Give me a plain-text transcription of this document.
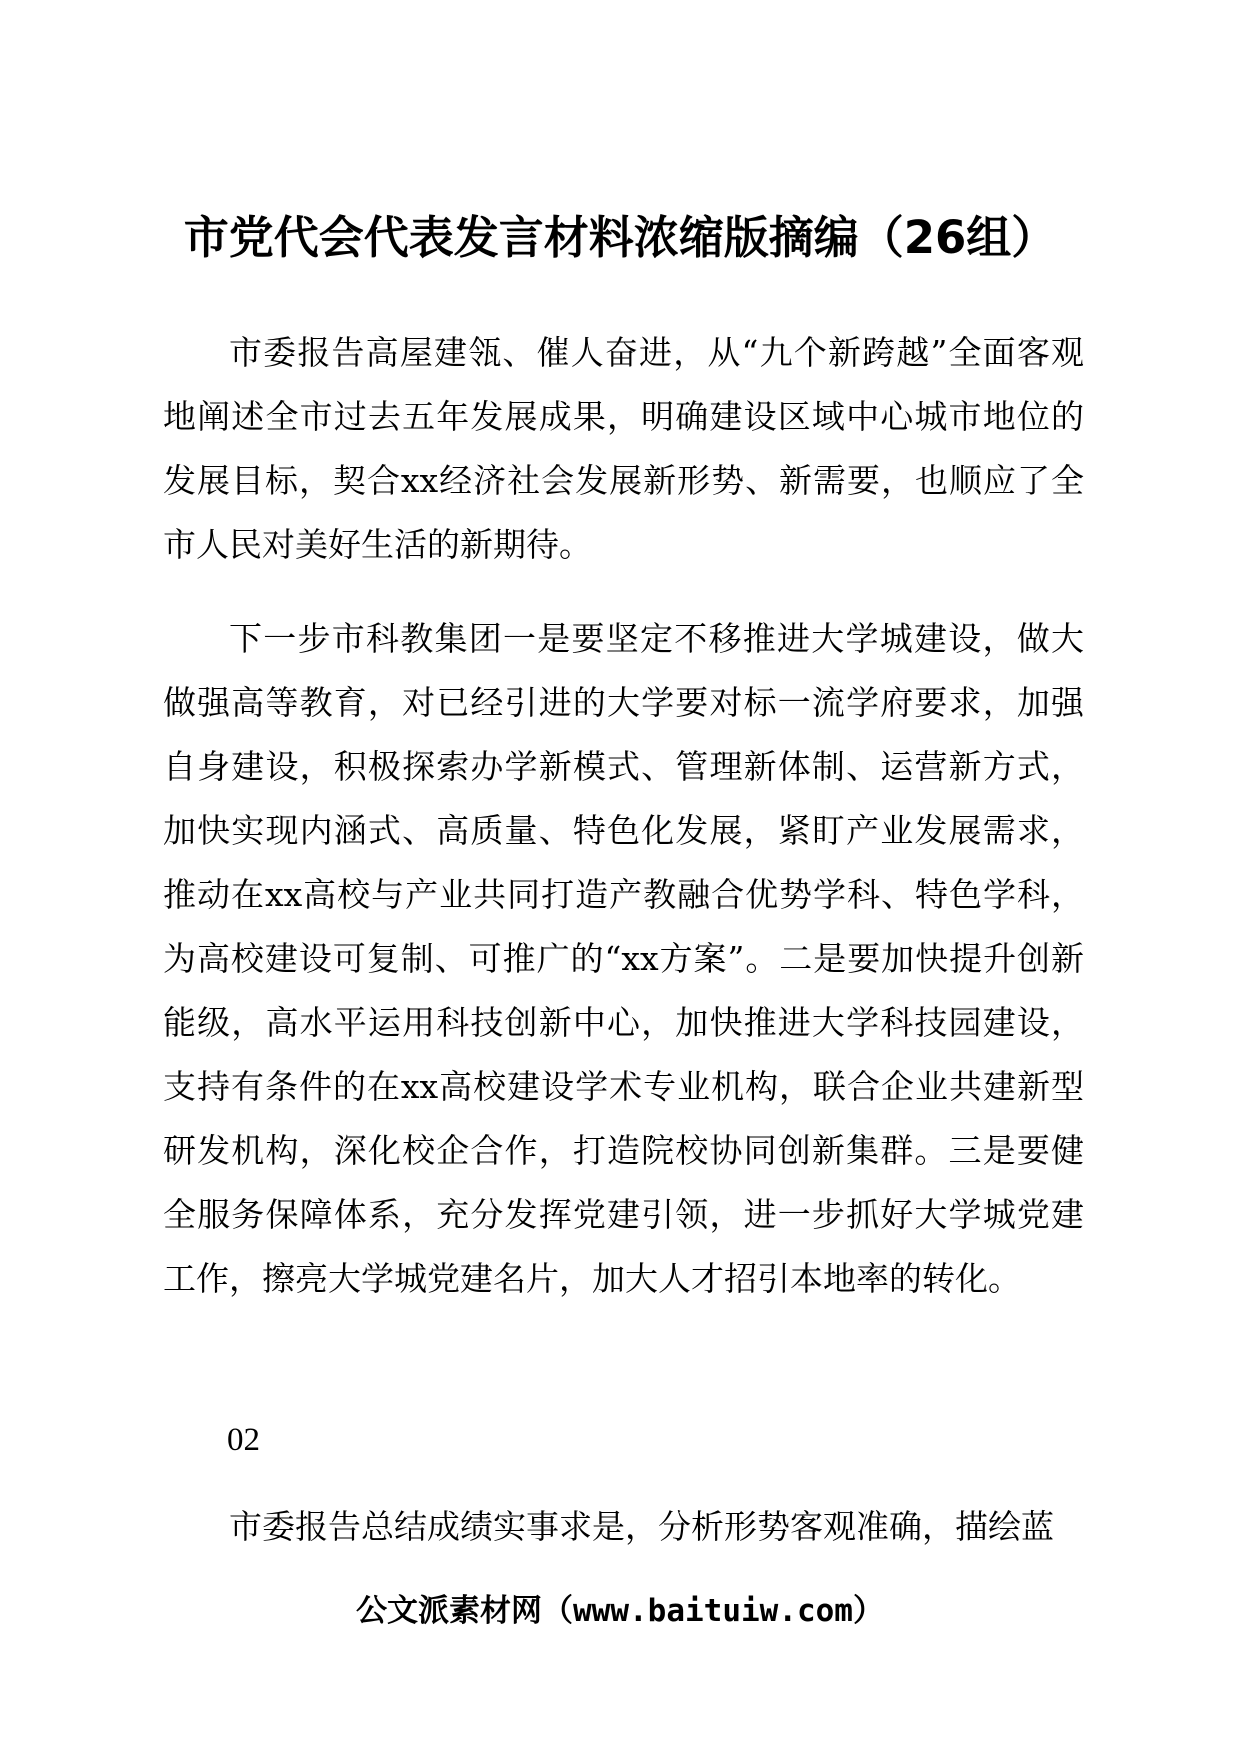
市党代会代表发言材料浓缩版摘编（26组）

市委报告高屋建瓴、催人奋进，从“九个新跨越”全面客观地阐述全市过去五年发展成果，明确建设区域中心城市地位的发展目标，契合xx经济社会发展新形势、新需要，也顺应了全市人民对美好生活的新期待。

下一步市科教集团一是要坚定不移推进大学城建设，做大做强高等教育，对已经引进的大学要对标一流学府要求，加强自身建设，积极探索办学新模式、管理新体制、运营新方式，加快实现内涵式、高质量、特色化发展，紧盯产业发展需求，推动在xx高校与产业共同打造产教融合优势学科、特色学科，为高校建设可复制、可推广的“xx方案”。二是要加快提升创新能级，高水平运用科技创新中心，加快推进大学科技园建设，支持有条件的在xx高校建设学术专业机构，联合企业共建新型研发机构，深化校企合作，打造院校协同创新集群。三是要健全服务保障体系，充分发挥党建引领，进一步抓好大学城党建工作，擦亮大学城党建名片，加大人才招引本地率的转化。

02

市委报告总结成绩实事求是，分析形势客观准确，描绘蓝

公文派素材网（www.baituiw.com）
